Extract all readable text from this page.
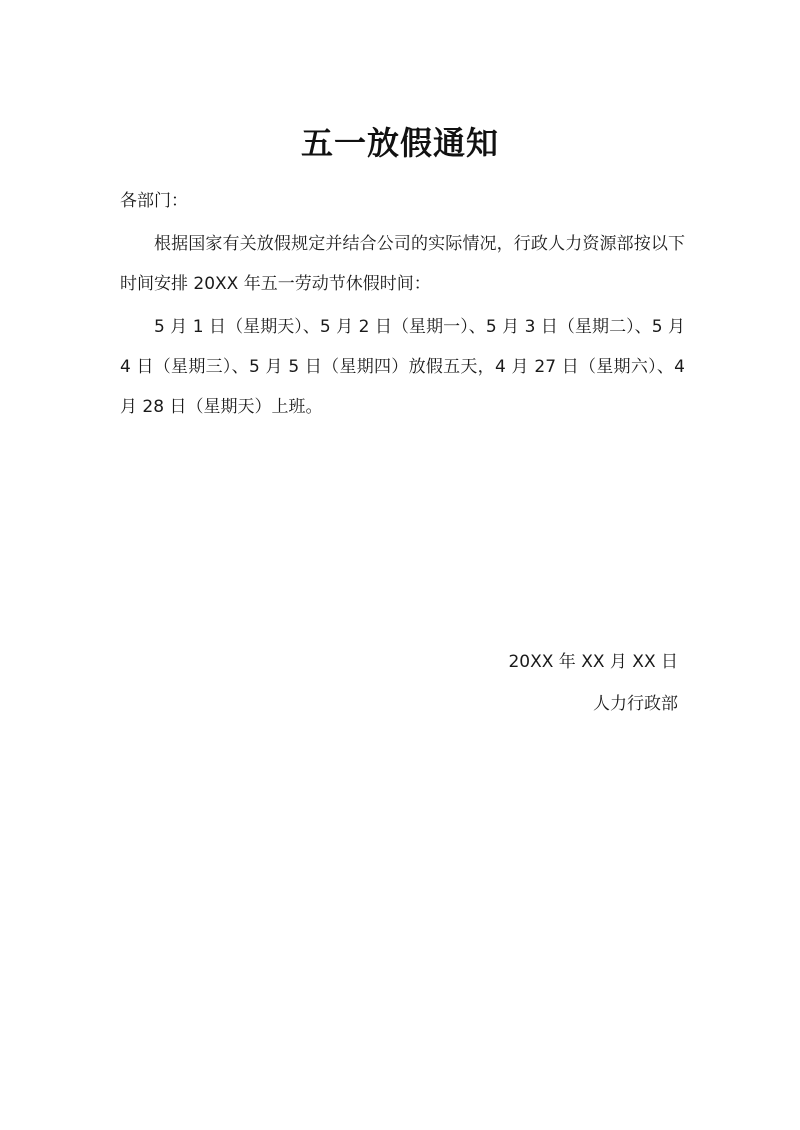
五一放假通知
各部门：

根据国家有关放假规定并结合公司的实际情况，行政人力资源部按以下时间安排 20XX 年五一劳动节休假时间：

5 月 1 日（星期天）、5 月 2 日（星期一）、5 月 3 日（星期二）、5 月 4 日（星期三）、5 月 5 日（星期四）放假五天，4 月 27 日（星期六）、4 月 28 日（星期天）上班。

20XX 年 XX 月 XX 日
人力行政部
